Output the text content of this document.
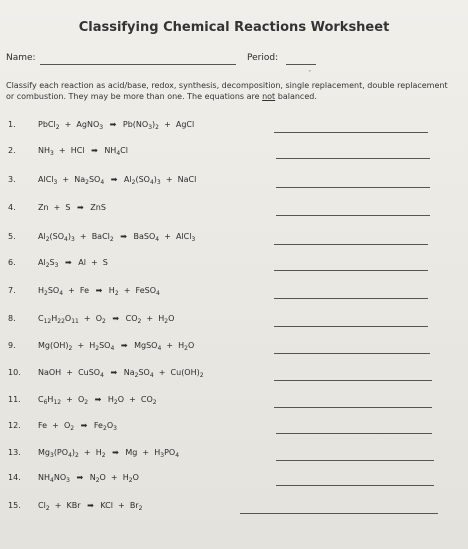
Classifying Chemical Reactions Worksheet
Name:	Period:
ˇ
Classify each reaction as acid/base, redox, synthesis, decomposition, single replacement, double replacement or combustion. They may be more than one. The equations are not balanced.
1.	PbCl$_2$  +  AgNO$_3$ ➡ $Pb(NO_3)_2$  +  AgCl
2.	$NH_3$  +  HCl ➡ $NH_4Cl$
3.	AlCl$_3$  +  $Na_2SO_4$ ➡ $Al_2(SO_4)_3$  +  NaCl
4.	Zn  +  S ➡ ZnS
5.	$Al_2(SO_4)_3$  +  BaCl$_2$ ➡ BaSO$_4$  +  AlCl$_3$
6.	$Al_2S_3$ ➡ Al  +  S
7.	$H_2SO_4 + Fe$ ➡ $H_2$  +  FeSO$_4$
8.	$C_{12}H_{22}O_{11} + O_2$ ➡ $CO_2 + H_2O$
9.	$Mg(OH)_2 + H_2SO_4$ ➡ MgSO$_4$  +  $H_2O$
10. NaOH  +  CuSO$_4$ ➡ $Na_2SO_4 + Cu(OH)_2$
11. $C_6H_{12} + O_2$ ➡ $H_2O + CO_2$
12. $Fe + O_2$ ➡ $Fe_2O_3$
13. $Mg_3(PO_4)_2 + H_2$ ➡ $Mg + H_3PO_4$
14. $NH_4NO_3$ ➡ $N_2O + H_2O$
15. $Cl_2$  +  KBr ➡ KCl  +  $Br_2$
